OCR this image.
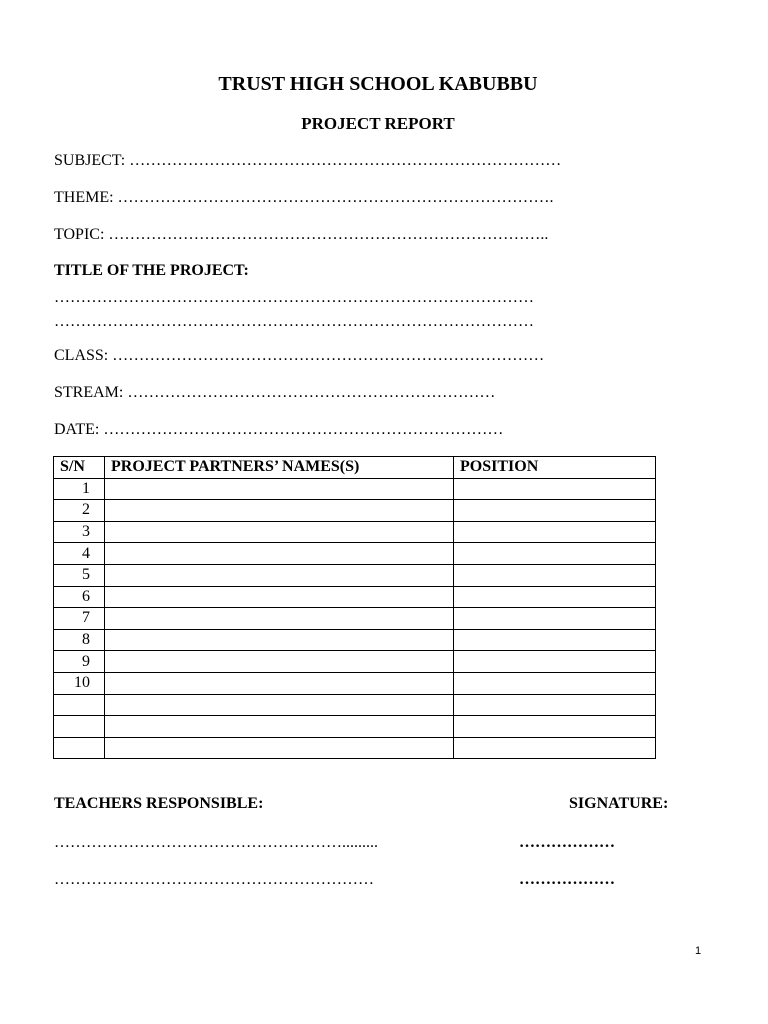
TRUST HIGH SCHOOL KABUBBU
PROJECT REPORT
SUBJECT: ………………………………………………………………………
THEME: ……………………………………………………………………….
TOPIC: ………………………………………………………………………..
TITLE OF THE PROJECT:
………………………………………………………………………………
………………………………………………………………………………
CLASS: ………………………………………………………………………
STREAM: ……………………………………………………………
DATE: …………………………………………………………………
S/N	PROJECT PARTNERS’ NAMES(S)	POSITION
1		
2		
3		
4		
5		
6		
7		
8		
9		
10		

TEACHERS RESPONSIBLE:	SIGNATURE:
……………………………………………….........	………………
……………………………………………………	………………
1
